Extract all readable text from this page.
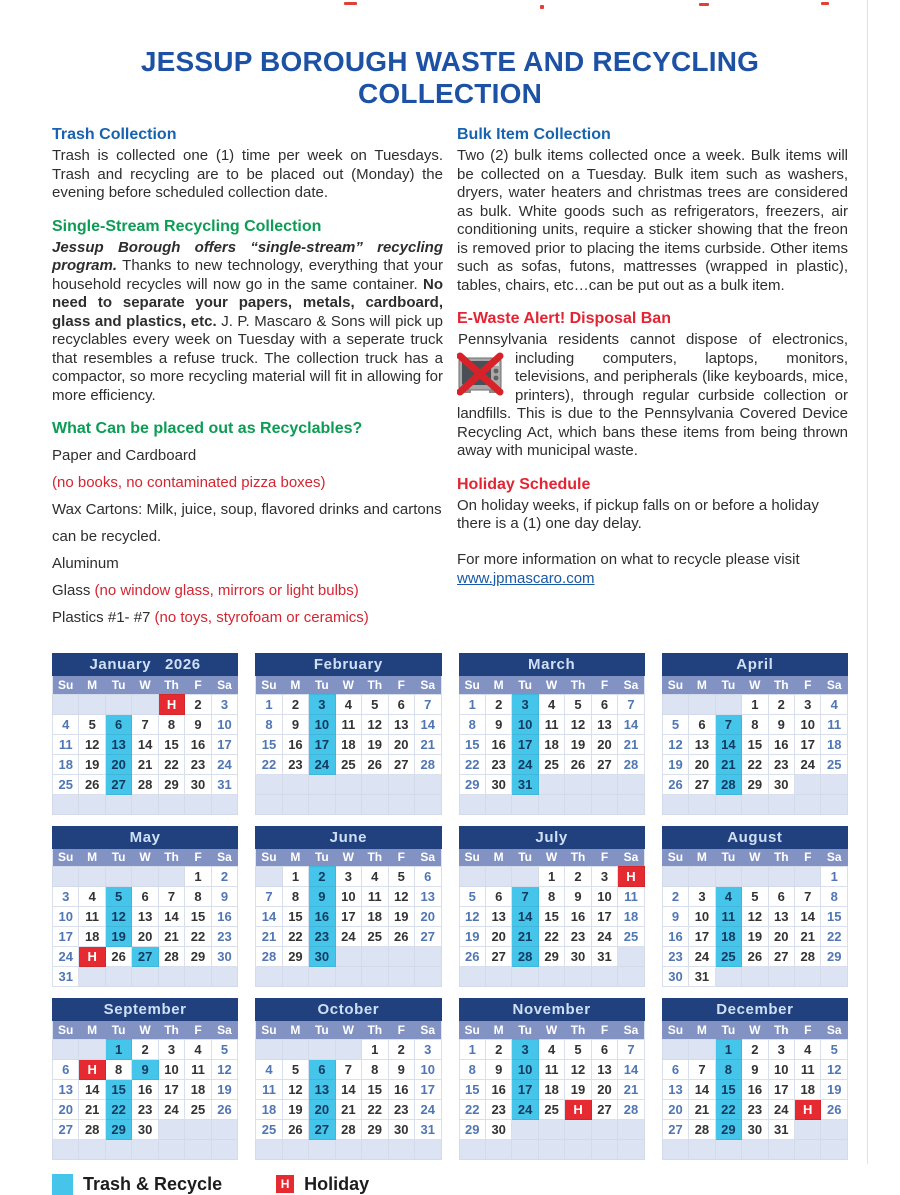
JESSUP BOROUGH WASTE AND RECYCLING COLLECTION
Trash Collection

Trash is collected one (1) time per week on Tuesdays. Trash and recycling are to be placed out (Monday) the evening before scheduled collection date.

Single-Stream Recycling Collection

Jessup Borough offers “single-stream” recycling program. Thanks to new technology, everything that your household recycles will now go in the same container. No need to separate your papers, metals, cardboard, glass and plastics, etc. J. P. Mascaro & Sons will pick up recyclables every week on Tuesday with a seperate truck that resembles a refuse truck. The collection truck has a compactor, so more recycling material will fit in allowing for more efficiency.

What Can be placed out as Recyclables?
Paper and Cardboard
(no books, no contaminated pizza boxes)
Wax Cartons: Milk, juice, soup, flavored drinks and cartons can be recycled.
Aluminum
Glass (no window glass, mirrors or light bulbs)
Plastics #1- #7 (no toys, styrofoam or ceramics)
Bulk Item Collection

Two (2) bulk items collected once a week. Bulk items will be collected on a Tuesday. Bulk item such as washers, dryers, water heaters and christmas trees are considered as bulk. White goods such as refrigerators, freezers, air conditioning units, require a sticker showing that the freon is removed prior to placing the items curbside. Other items such as sofas, futons, mattresses (wrapped in plastic), tables, chairs, etc…can be put out as a bulk item.

E-Waste Alert! Disposal Ban

Pennsylvania residents cannot dispose of electronics, including computers, laptops, monitors, televisions, and peripherals (like keyboards, mice, printers), through regular curbside collection or landfills. This is due to the Pennsylvania Covered Device Recycling Act, which bans these items from being thrown away with municipal waste.

Holiday Schedule

On holiday weeks, if pickup falls on or before a holiday there is a (1) one day delay.

For more information on what to recycle please visit
www.jpmascaro.com

January 2026
Su	M	Tu	W	Th	F	Sa
				H	2	3
4	5	6	7	8	9	10
11	12	13	14	15	16	17
18	19	20	21	22	23	24
25	26	27	28	29	30	31

February
Su	M	Tu	W	Th	F	Sa
1	2	3	4	5	6	7
8	9	10	11	12	13	14
15	16	17	18	19	20	21
22	23	24	25	26	27	28

March
Su	M	Tu	W	Th	F	Sa
1	2	3	4	5	6	7
8	9	10	11	12	13	14
15	16	17	18	19	20	21
22	23	24	25	26	27	28
29	30	31				

April
Su	M	Tu	W	Th	F	Sa
			1	2	3	4
5	6	7	8	9	10	11
12	13	14	15	16	17	18
19	20	21	22	23	24	25
26	27	28	29	30		

May
Su	M	Tu	W	Th	F	Sa
					1	2
3	4	5	6	7	8	9
10	11	12	13	14	15	16
17	18	19	20	21	22	23
24	H	26	27	28	29	30
31						
June
Su	M	Tu	W	Th	F	Sa
	1	2	3	4	5	6
7	8	9	10	11	12	13
14	15	16	17	18	19	20
21	22	23	24	25	26	27
28	29	30				

July
Su	M	Tu	W	Th	F	Sa
			1	2	3	H
5	6	7	8	9	10	11
12	13	14	15	16	17	18
19	20	21	22	23	24	25
26	27	28	29	30	31	

August
Su	M	Tu	W	Th	F	Sa
						1
2	3	4	5	6	7	8
9	10	11	12	13	14	15
16	17	18	19	20	21	22
23	24	25	26	27	28	29
30	31					
September
Su	M	Tu	W	Th	F	Sa
		1	2	3	4	5
6	H	8	9	10	11	12
13	14	15	16	17	18	19
20	21	22	23	24	25	26
27	28	29	30			

October
Su	M	Tu	W	Th	F	Sa
				1	2	3
4	5	6	7	8	9	10
11	12	13	14	15	16	17
18	19	20	21	22	23	24
25	26	27	28	29	30	31

November
Su	M	Tu	W	Th	F	Sa
1	2	3	4	5	6	7
8	9	10	11	12	13	14
15	16	17	18	19	20	21
22	23	24	25	H	27	28
29	30					

December
Su	M	Tu	W	Th	F	Sa
		1	2	3	4	5
6	7	8	9	10	11	12
13	14	15	16	17	18	19
20	21	22	23	24	H	26
27	28	29	30	31		

Trash & Recycle	H Holiday
